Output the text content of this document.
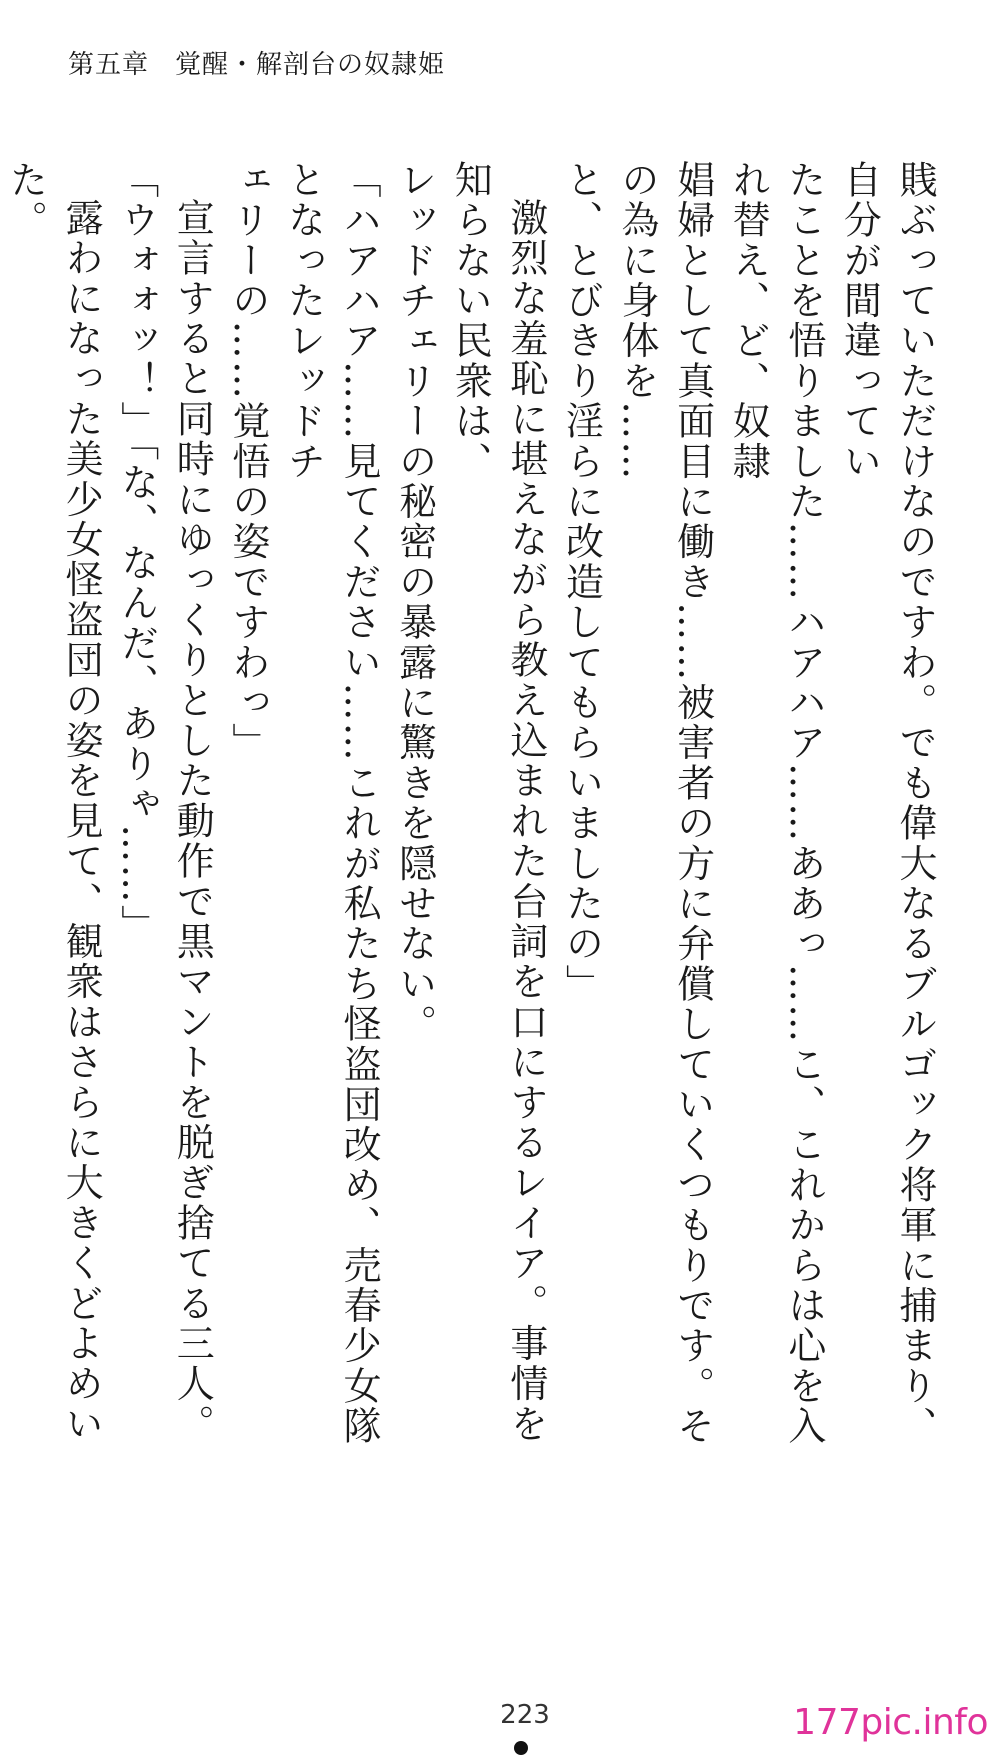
第五章 覚醒・解剖台の奴隷姫

賎ぶっていただけなのですわ。でも偉大なるブルゴック将軍に捕まり、自分が間違ってい
たことを悟りました……ハアハア……ああっ……こ、これからは心を入れ替え、ど、奴隷
娼婦として真面目に働き……被害者の方に弁償していくつもりです。その為に身体を……
と、とびきり淫らに改造してもらいましたの」

激烈な羞恥に堪えながら教え込まれた台詞を口にするレイア。事情を知らない民衆は、
レッドチェリーの秘密の暴露に驚きを隠せない。

「ハアハア……見てください……これが私たち怪盗団改め、売春少女隊となったレッドチ
ェリーの……覚悟の姿ですわっ」

宣言すると同時にゆっくりとした動作で黒マントを脱ぎ捨てる三人。

「ウォォッ！」「な、なんだ、ありゃ……」

露わになった美少女怪盗団の姿を見て、観衆はさらに大きくどよめいた。

223	177pic.info
